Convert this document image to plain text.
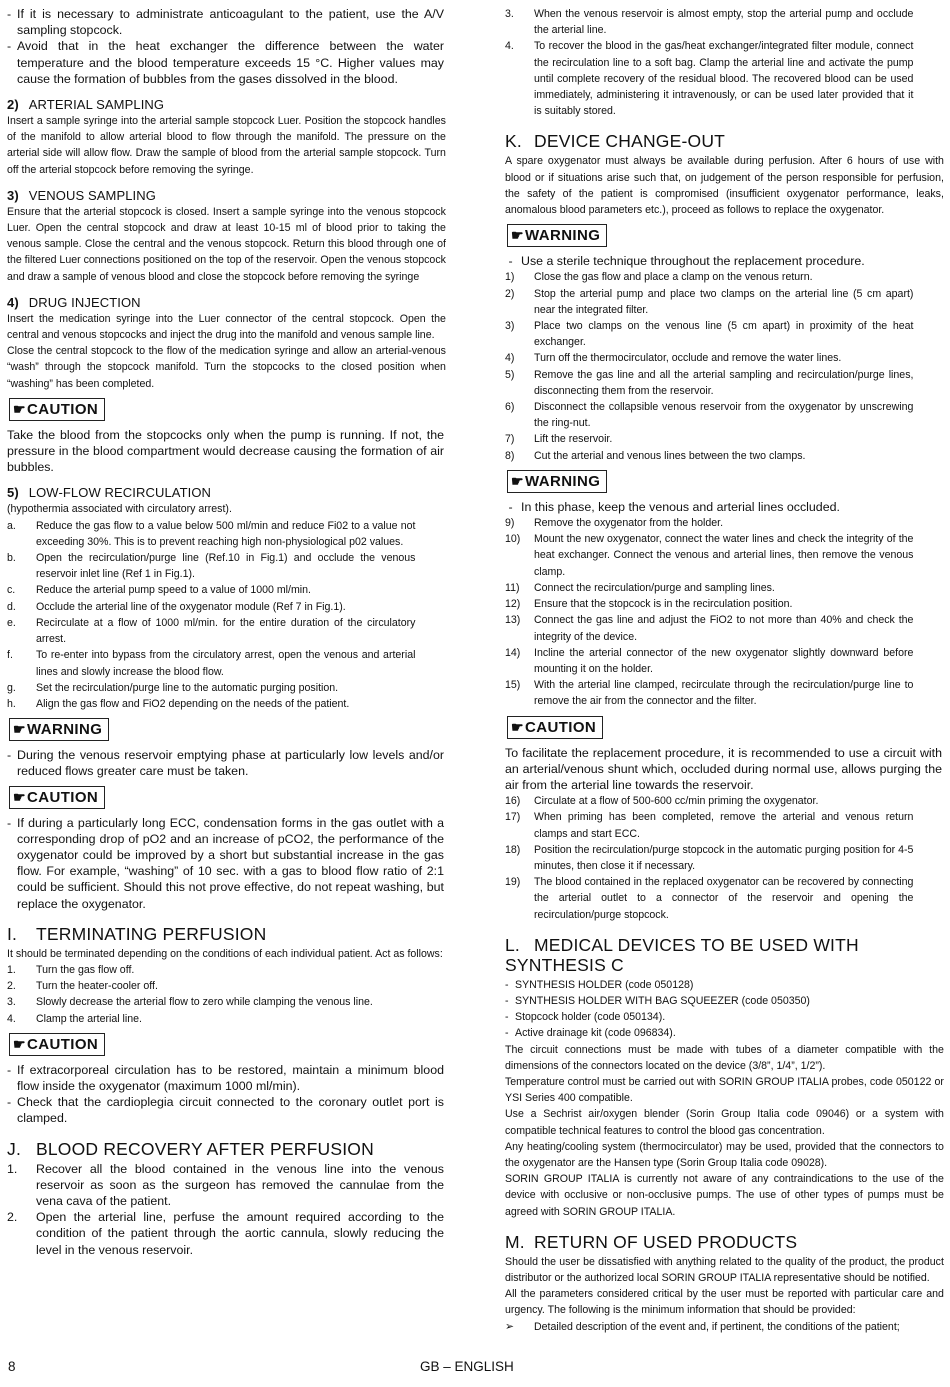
- If it is necessary to administrate anticoagulant to the patient, use the A/V sampling stopcock.
- Avoid that in the heat exchanger the difference between the water temperature and the blood temperature exceeds 15 °C. Higher values may cause the formation of bubbles from the gases dissolved in the blood.
2) ARTERIAL SAMPLING

Insert a sample syringe into the arterial sample stopcock Luer. Position the stopcock handles of the manifold to allow arterial blood to flow through the manifold. The pressure on the arterial side will allow flow. Draw the sample of blood from the arterial sample stopcock. Turn off the arterial stopcock before removing the syringe.

3) VENOUS SAMPLING

Ensure that the arterial stopcock is closed. Insert a sample syringe into the venous stopcock Luer. Open the central stopcock and draw at least 10-15 ml of blood prior to taking the venous sample. Close the central and the venous stopcock. Return this blood through one of the filtered Luer connections positioned on the top of the reservoir. Open the venous stopcock and draw a sample of venous blood and close the stopcock before removing the syringe

4) DRUG INJECTION

Insert the medication syringe into the Luer connector of the central stopcock. Open the central and venous stopcocks and inject the drug into the manifold and venous sample line.

Close the central stopcock to the flow of the medication syringe and allow an arterial-venous “wash” through the stopcock manifold. Turn the stopcocks to the closed position when “washing” has been completed.

☛CAUTION

Take the blood from the stopcocks only when the pump is running. If not, the pressure in the blood compartment would decrease causing the formation of air bubbles.

5) LOW-FLOW RECIRCULATION

(hypothermia associated with circulatory arrest).

a.	Reduce the gas flow to a value below 500 ml/min and reduce Fi02 to a value not exceeding 30%. This is to prevent reaching high non-physiological p02 values.
b.	Open the recirculation/purge line (Ref.10 in Fig.1) and occlude the venous reservoir inlet line (Ref 1 in Fig.1).
c.	Reduce the arterial pump speed to a value of 1000 ml/min.
d.	Occlude the arterial line of the oxygenator module (Ref 7 in Fig.1).
e.	Recirculate at a flow of 1000 ml/min. for the entire duration of the circulatory arrest.
f.	To re-enter into bypass from the circulatory arrest, open the venous and arterial lines and slowly increase the blood flow.
g.	Set the recirculation/purge line to the automatic purging position.
h.	Align the gas flow and FiO2 depending on the needs of the patient.
☛WARNING
- During the venous reservoir emptying phase at particularly low levels and/or reduced flows greater care must be taken.
☛CAUTION
- If during a particularly long ECC, condensation forms in the gas outlet with a corresponding drop of pO2 and an increase of pCO2, the performance of the oxygenator could be improved by a short but substantial increase in the gas flow. For example, “washing” of 10 sec. with a gas to blood flow ratio of 2:1 could be sufficient. Should this not prove effective, do not repeat washing, but replace the oxygenator.
I. TERMINATING PERFUSION

It should be terminated depending on the conditions of each individual patient. Act as follows:

1.	Turn the gas flow off.
2.	Turn the heater-cooler off.
3.	Slowly decrease the arterial flow to zero while clamping the venous line.
4.	Clamp the arterial line.
☛CAUTION
- If extracorporeal circulation has to be restored, maintain a minimum blood flow inside the oxygenator (maximum 1000 ml/min).
- Check that the cardioplegia circuit connected to the coronary outlet port is clamped.
J. BLOOD RECOVERY AFTER PERFUSION
1.	Recover all the blood contained in the venous line into the venous reservoir as soon as the surgeon has removed the cannulae from the vena cava of the patient.
2.	Open the arterial line, perfuse the amount required according to the condition of the patient through the aortic cannula, slowly reducing the level in the venous reservoir.
3.	When the venous reservoir is almost empty, stop the arterial pump and occlude the arterial line.
4.	To recover the blood in the gas/heat exchanger/integrated filter module, connect the recirculation line to a soft bag. Clamp the arterial line and activate the pump until complete recovery of the residual blood. The recovered blood can be used immediately, administering it intravenously, or can be used later provided that it is suitably stored.
K. DEVICE CHANGE-OUT

A spare oxygenator must always be available during perfusion. After 6 hours of use with blood or if situations arise such that, on judgement of the person responsible for perfusion, the safety of the patient is compromised (insufficient oxygenator performance, leaks, anomalous blood parameters etc.), proceed as follows to replace the oxygenator.

☛WARNING
- Use a sterile technique throughout the replacement procedure.
1)	Close the gas flow and place a clamp on the venous return.
2)	Stop the arterial pump and place two clamps on the arterial line (5 cm apart) near the integrated filter.
3)	Place two clamps on the venous line (5 cm apart) in proximity of the heat exchanger.
4)	Turn off the thermocirculator, occlude and remove the water lines.
5)	Remove the gas line and all the arterial sampling and recirculation/purge lines, disconnecting them from the reservoir.
6)	Disconnect the collapsible venous reservoir from the oxygenator by unscrewing the ring-nut.
7)	Lift the reservoir.
8)	Cut the arterial and venous lines between the two clamps.
☛WARNING
- In this phase, keep the venous and arterial lines occluded.
9)	Remove the oxygenator from the holder.
10)	Mount the new oxygenator, connect the water lines and check the integrity of the heat exchanger. Connect the venous and arterial lines, then remove the venous clamp.
11)	Connect the recirculation/purge and sampling lines.
12)	Ensure that the stopcock is in the recirculation position.
13)	Connect the gas line and adjust the FiO2 to not more than 40% and check the integrity of the device.
14)	Incline the arterial connector of the new oxygenator slightly downward before mounting it on the holder.
15)	With the arterial line clamped, recirculate through the recirculation/purge line to remove the air from the connector and the filter.
☛CAUTION

To facilitate the replacement procedure, it is recommended to use a circuit with an arterial/venous shunt which, occluded during normal use, allows purging the air from the arterial line towards the reservoir.

16)	Circulate at a flow of 500-600 cc/min priming the oxygenator.
17)	When priming has been completed, remove the arterial and venous return clamps and start ECC.
18)	Position the recirculation/purge stopcock in the automatic purging position for 4-5 minutes, then close it if necessary.
19)	The blood contained in the replaced oxygenator can be recovered by connecting the arterial outlet to a connector of the reservoir and opening the recirculation/purge stopcock.
L. MEDICAL DEVICES TO BE USED WITH SYNTHESIS C
- SYNTHESIS HOLDER (code 050128)
- SYNTHESIS HOLDER WITH BAG SQUEEZER (code 050350)
- Stopcock holder (code 050134).
- Active drainage kit (code 096834).

The circuit connections must be made with tubes of a diameter compatible with the dimensions of the connectors located on the device (3/8”, 1/4”, 1/2”).

Temperature control must be carried out with SORIN GROUP ITALIA probes, code 050122 or YSI Series 400 compatible.

Use a Sechrist air/oxygen blender (Sorin Group Italia code 09046) or a system with compatible technical features to control the blood gas concentration.

Any heating/cooling system (thermocirculator) may be used, provided that the connectors to the oxygenator are the Hansen type (Sorin Group Italia code 09028).

SORIN GROUP ITALIA is currently not aware of any contraindications to the use of the device with occlusive or non-occlusive pumps. The use of other types of pumps must be agreed with SORIN GROUP ITALIA.

M. RETURN OF USED PRODUCTS

Should the user be dissatisfied with anything related to the quality of the product, the product distributor or the authorized local SORIN GROUP ITALIA representative should be notified.

All the parameters considered critical by the user must be reported with particular care and urgency. The following is the minimum information that should be provided:

➢	Detailed description of the event and, if pertinent, the conditions of the patient;
8	GB – ENGLISH
